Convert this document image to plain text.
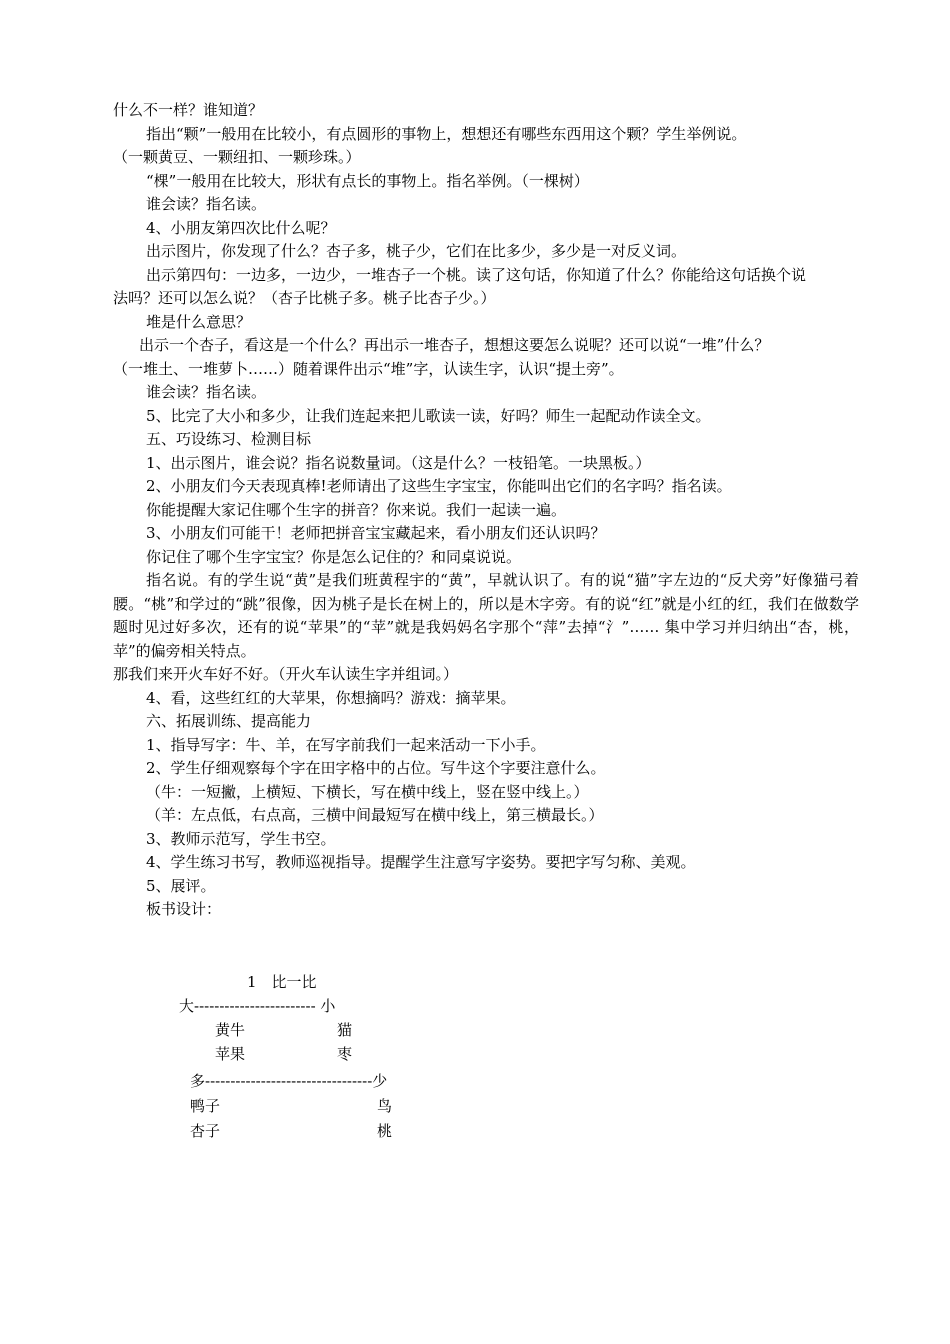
什么不一样？谁知道？
指出“颗”一般用在比较小，有点圆形的事物上，想想还有哪些东西用这个颗？学生举例说。
（一颗黄豆、一颗纽扣、一颗珍珠。）
“棵”一般用在比较大，形状有点长的事物上。指名举例。（一棵树）
谁会读？指名读。
4、小朋友第四次比什么呢？
出示图片，你发现了什么？杏子多，桃子少，它们在比多少，多少是一对反义词。
出示第四句：一边多，一边少，一堆杏子一个桃。读了这句话，你知道了什么？你能给这句话换个说
法吗？还可以怎么说？（杏子比桃子多。桃子比杏子少。）
堆是什么意思？
出示一个杏子，看这是一个什么？再出示一堆杏子，想想这要怎么说呢？还可以说“一堆”什么？
（一堆土、一堆萝卜……）随着课件出示“堆”字，认读生字，认识“提土旁”。
谁会读？指名读。
5、比完了大小和多少，让我们连起来把儿歌读一读，好吗？师生一起配动作读全文。
五、巧设练习、检测目标
1、出示图片，谁会说？指名说数量词。（这是什么？一枝铅笔。一块黑板。）
2、小朋友们今天表现真棒!老师请出了这些生字宝宝，你能叫出它们的名字吗？指名读。
你能提醒大家记住哪个生字的拼音？你来说。我们一起读一遍。
3、小朋友们可能干！老师把拼音宝宝藏起来，看小朋友们还认识吗？
你记住了哪个生字宝宝？你是怎么记住的？和同桌说说。
指名说。有的学生说“黄”是我们班黄程宇的“黄”，早就认识了。有的说“猫”字左边的“反犬旁”好像猫弓着腰。“桃”和学过的“跳”很像，因为桃子是长在树上的，所以是木字旁。有的说“红”就是小红的红，我们在做数学题时见过好多次，还有的说“苹果”的“苹”就是我妈妈名字那个“萍”去掉“氵”…… 集中学习并归纳出“杏，桃，苹”的偏旁相关特点。
那我们来开火车好不好。（开火车认读生字并组词。）
4、看，这些红红的大苹果，你想摘吗？游戏：摘苹果。
六、拓展训练、提高能力
1、指导写字：牛、羊，在写字前我们一起来活动一下小手。
2、学生仔细观察每个字在田字格中的占位。写牛这个字要注意什么。
（牛：一短撇，上横短、下横长，写在横中线上，竖在竖中线上。）
（羊：左点低，右点高，三横中间最短写在横中线上，第三横最长。）
3、教师示范写，学生书空。
4、学生练习书写，教师巡视指导。提醒学生注意写字姿势。要把字写匀称、美观。
5、展评。
板书设计：
1　比一比
大------------------------ 小
黄牛	猫
苹果	枣
多---------------------------------少
鸭子	鸟
杏子	桃
